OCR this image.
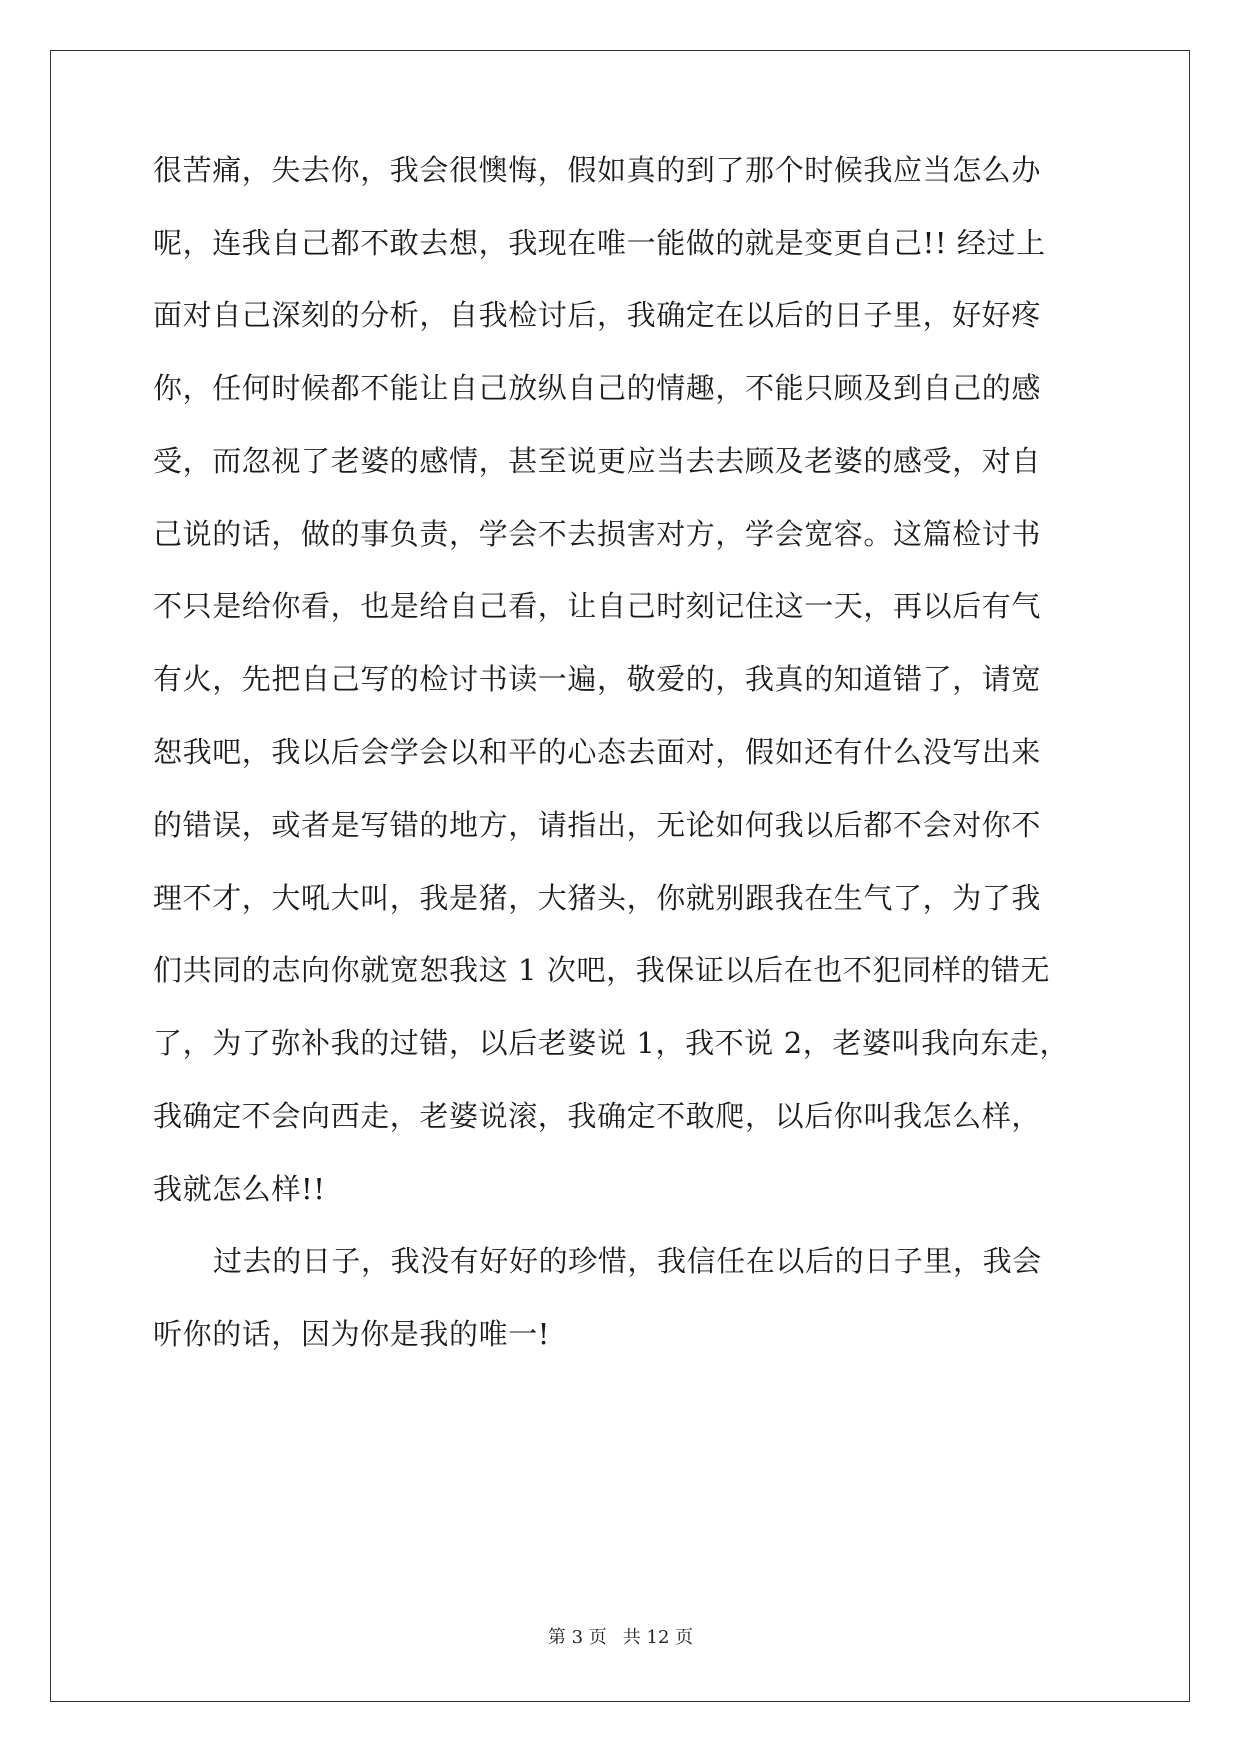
很苦痛，失去你，我会很懊悔，假如真的到了那个时候我应当怎么办
呢，连我自己都不敢去想，我现在唯一能做的就是变更自己!! 经过上
面对自己深刻的分析，自我检讨后，我确定在以后的日子里，好好疼
你，任何时候都不能让自己放纵自己的情趣，不能只顾及到自己的感
受，而忽视了老婆的感情，甚至说更应当去去顾及老婆的感受，对自
己说的话，做的事负责，学会不去损害对方，学会宽容。这篇检讨书
不只是给你看，也是给自己看，让自己时刻记住这一天，再以后有气
有火，先把自己写的检讨书读一遍，敬爱的，我真的知道错了，请宽
恕我吧，我以后会学会以和平的心态去面对，假如还有什么没写出来
的错误，或者是写错的地方，请指出，无论如何我以后都不会对你不
理不才，大吼大叫，我是猪，大猪头，你就别跟我在生气了，为了我
们共同的志向你就宽恕我这 1 次吧，我保证以后在也不犯同样的错无
了，为了弥补我的过错，以后老婆说 1，我不说 2，老婆叫我向东走，
我确定不会向西走，老婆说滚，我确定不敢爬，以后你叫我怎么样，
我就怎么样!!
过去的日子，我没有好好的珍惜，我信任在以后的日子里，我会
听你的话，因为你是我的唯一!
第 3 页 共 12 页
